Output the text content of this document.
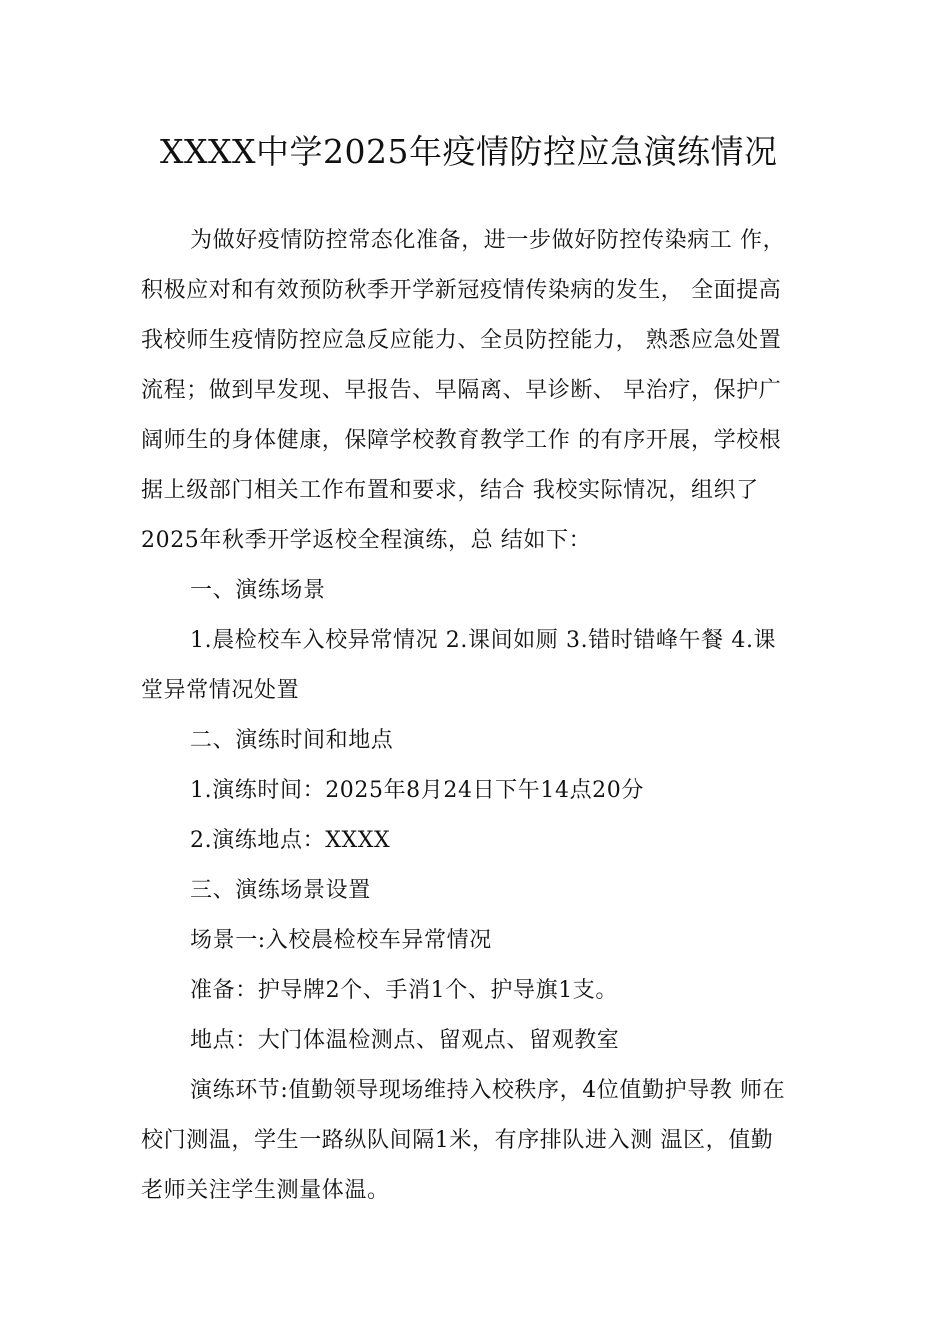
XXXX中学2025年疫情防控应急演练情况
为做好疫情防控常态化准备，进一步做好防控传染病工 作，
积极应对和有效预防秋季开学新冠疫情传染病的发生， 全面提高
我校师生疫情防控应急反应能力、全员防控能力， 熟悉应急处置
流程；做到早发现、早报告、早隔离、早诊断、 早治疗，保护广
阔师生的身体健康，保障学校教育教学工作 的有序开展，学校根
据上级部门相关工作布置和要求，结合 我校实际情况，组织了
2025年秋季开学返校全程演练，总 结如下：
一、演练场景
1.晨检校车入校异常情况 2.课间如厕 3.错时错峰午餐 4.课
堂异常情况处置
二、演练时间和地点
1.演练时间：2025年8月24日下午14点20分
2.演练地点：XXXX
三、演练场景设置
场景一:入校晨检校车异常情况
准备：护导牌2个、手消1个、护导旗1支。
地点：大门体温检测点、留观点、留观教室
演练环节:值勤领导现场维持入校秩序，4位值勤护导教 师在
校门测温，学生一路纵队间隔1米，有序排队进入测 温区，值勤
老师关注学生测量体温。
